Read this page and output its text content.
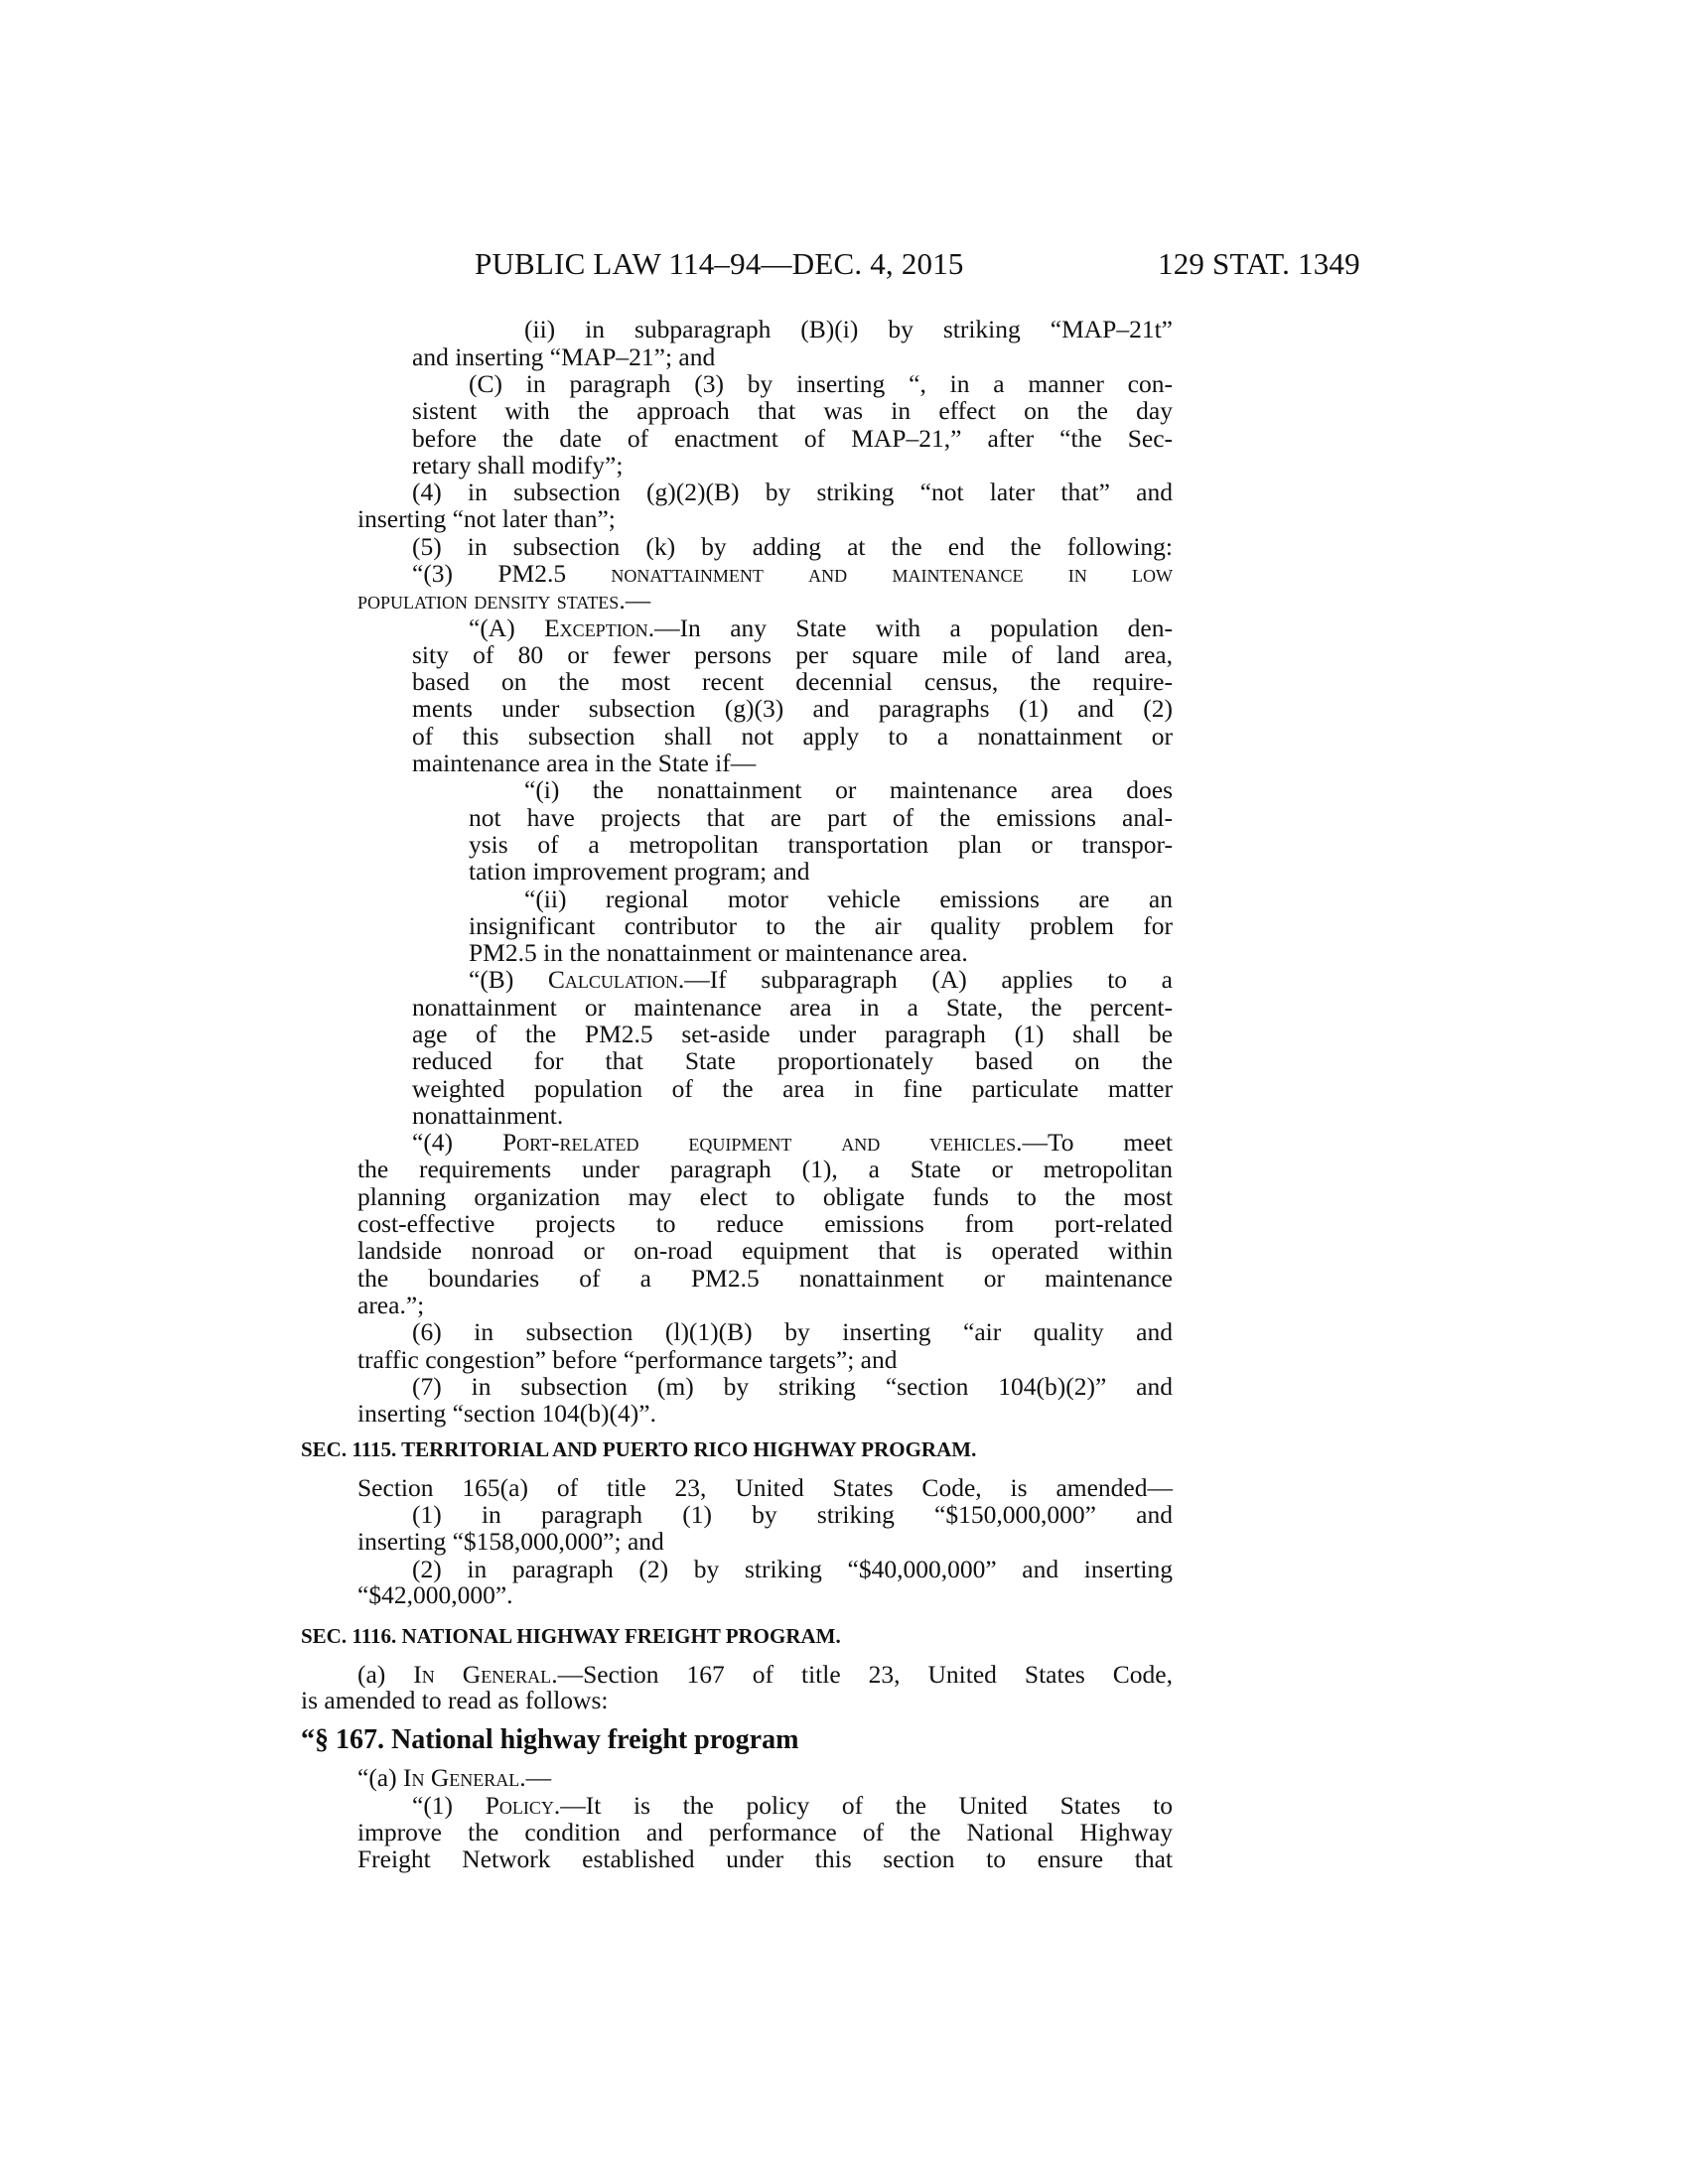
PUBLIC LAW 114–94—DEC. 4, 2015	129 STAT. 1349
(ii) in subparagraph (B)(i) by striking “MAP–21t”
and inserting “MAP–21”; and
(C) in paragraph (3) by inserting “, in a manner con-
sistent with the approach that was in effect on the day
before the date of enactment of MAP–21,” after “the Sec-
retary shall modify”;
(4) in subsection (g)(2)(B) by striking “not later that” and
inserting “not later than”;
(5) in subsection (k) by adding at the end the following:
“(3) PM2.5 nonattainment and maintenance in low
population density states.—
“(A) Exception.—In any State with a population den-
sity of 80 or fewer persons per square mile of land area,
based on the most recent decennial census, the require-
ments under subsection (g)(3) and paragraphs (1) and (2)
of this subsection shall not apply to a nonattainment or
maintenance area in the State if—
“(i) the nonattainment or maintenance area does
not have projects that are part of the emissions anal-
ysis of a metropolitan transportation plan or transpor-
tation improvement program; and
“(ii) regional motor vehicle emissions are an
insignificant contributor to the air quality problem for
PM2.5 in the nonattainment or maintenance area.
“(B) Calculation.—If subparagraph (A) applies to a
nonattainment or maintenance area in a State, the percent-
age of the PM2.5 set-aside under paragraph (1) shall be
reduced for that State proportionately based on the
weighted population of the area in fine particulate matter
nonattainment.
“(4) Port-related equipment and vehicles.—To meet
the requirements under paragraph (1), a State or metropolitan
planning organization may elect to obligate funds to the most
cost-effective projects to reduce emissions from port-related
landside nonroad or on-road equipment that is operated within
the boundaries of a PM2.5 nonattainment or maintenance
area.”;
(6) in subsection (l)(1)(B) by inserting “air quality and
traffic congestion” before “performance targets”; and
(7) in subsection (m) by striking “section 104(b)(2)” and
inserting “section 104(b)(4)”.
SEC. 1115. TERRITORIAL AND PUERTO RICO HIGHWAY PROGRAM.
Section 165(a) of title 23, United States Code, is amended—
(1) in paragraph (1) by striking “$150,000,000” and
inserting “$158,000,000”; and
(2) in paragraph (2) by striking “$40,000,000” and inserting
“$42,000,000”.
SEC. 1116. NATIONAL HIGHWAY FREIGHT PROGRAM.
(a) In General.—Section 167 of title 23, United States Code,
is amended to read as follows:
“§ 167. National highway freight program
“(a) In General.—
“(1) Policy.—It is the policy of the United States to
improve the condition and performance of the National Highway
Freight Network established under this section to ensure that
